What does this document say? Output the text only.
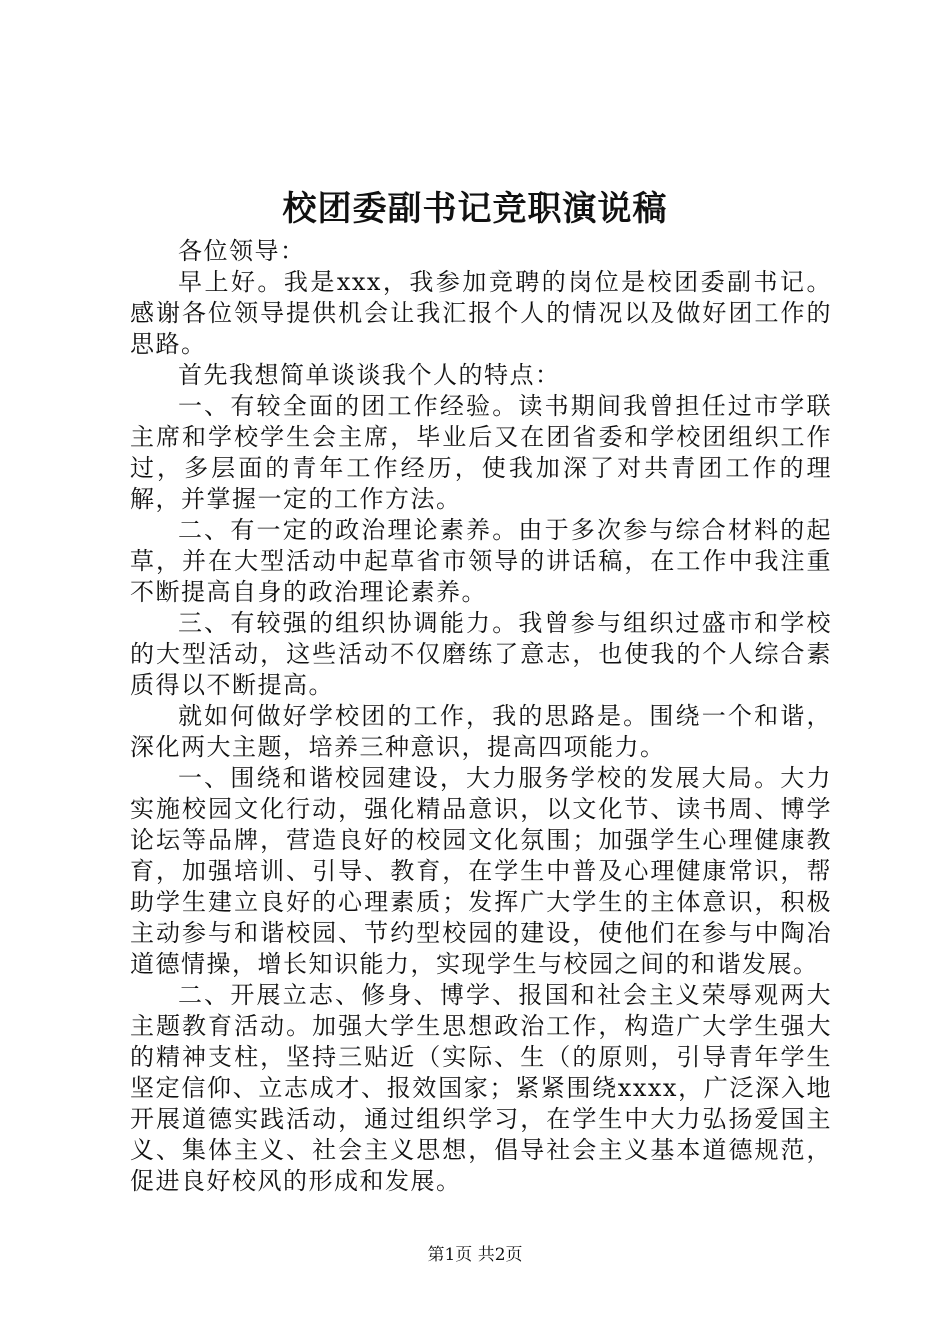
校团委副书记竞职演说稿

各位领导：

早上好。我是xxx，我参加竞聘的岗位是校团委副书记。感谢各位领导提供机会让我汇报个人的情况以及做好团工作的思路。

首先我想简单谈谈我个人的特点：

一、有较全面的团工作经验。读书期间我曾担任过市学联主席和学校学生会主席，毕业后又在团省委和学校团组织工作过，多层面的青年工作经历，使我加深了对共青团工作的理解，并掌握一定的工作方法。

二、有一定的政治理论素养。由于多次参与综合材料的起草，并在大型活动中起草省市领导的讲话稿，在工作中我注重不断提高自身的政治理论素养。

三、有较强的组织协调能力。我曾参与组织过盛市和学校的大型活动，这些活动不仅磨练了意志，也使我的个人综合素质得以不断提高。

就如何做好学校团的工作，我的思路是。围绕一个和谐，深化两大主题，培养三种意识，提高四项能力。

一、围绕和谐校园建设，大力服务学校的发展大局。大力实施校园文化行动，强化精品意识，以文化节、读书周、博学论坛等品牌，营造良好的校园文化氛围；加强学生心理健康教育，加强培训、引导、教育，在学生中普及心理健康常识，帮助学生建立良好的心理素质；发挥广大学生的主体意识，积极主动参与和谐校园、节约型校园的建设，使他们在参与中陶冶道德情操，增长知识能力，实现学生与校园之间的和谐发展。

二、开展立志、修身、博学、报国和社会主义荣辱观两大主题教育活动。加强大学生思想政治工作，构造广大学生强大的精神支柱，坚持三贴近（实际、生（的原则，引导青年学生坚定信仰、立志成才、报效国家；紧紧围绕xxxx，广泛深入地开展道德实践活动，通过组织学习，在学生中大力弘扬爱国主义、集体主义、社会主义思想，倡导社会主义基本道德规范，促进良好校风的形成和发展。

第1页 共2页
